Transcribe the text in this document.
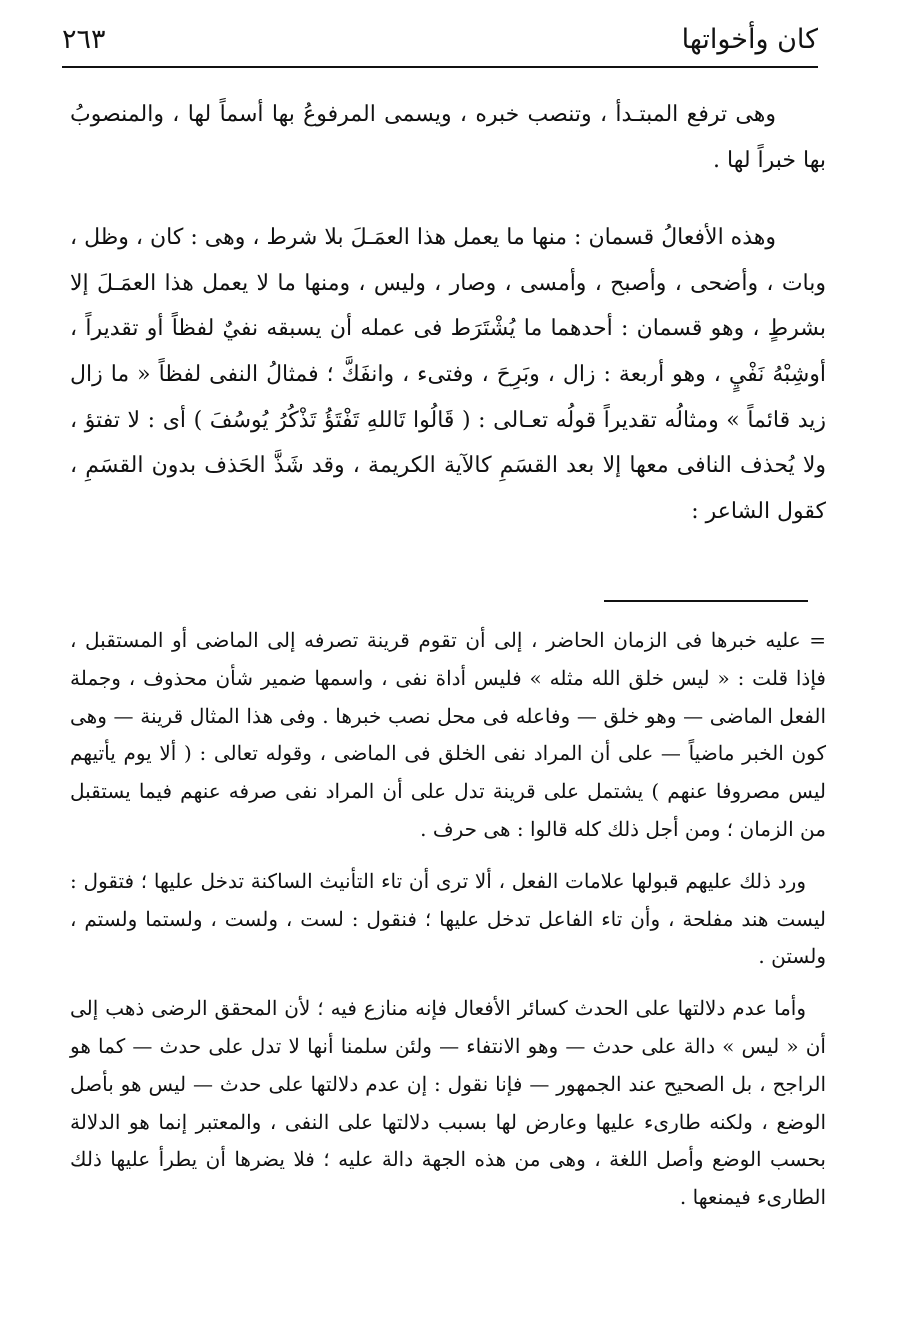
كان وأخواتها
٢٦٣

وهى ترفع المبتـدأ ، وتنصب خبره ، ويسمى المرفوعُ بها أسماً لها ، والمنصوبُ بها خبراً لها .

وهذه الأفعالُ قسمان : منها ما يعمل هذا العمَـلَ بلا شرط ، وهى : كان ، وظل ، وبات ، وأضحى ، وأصبح ، وأمسى ، وصار ، وليس ، ومنها ما لا يعمل هذا العمَـلَ إلا بشرطٍ ، وهو قسمان : أحدهما ما يُشْتَرَط فى عمله أن يسبقه نفيٌ لفظاً أو تقديراً ، أوشِبْهُ نَفْيٍ ، وهو أربعة : زال ، وبَرِحَ ، وفتىء ، وانفَكَّ ؛ فمثالُ النفى لفظاً « ما زال زيد قائماً » ومثالُه تقديراً قولُه تعـالى : ( قَالُوا تَاللهِ تَفْتَؤُ تَذْكُرُ يُوسُفَ ) أى : لا تفتؤ ، ولا يُحذف النافى معها إلا بعد القسَمِ كالآية الكريمة ، وقد شَذَّ الحَذف بدون القسَمِ ، كقول الشاعر :

= عليه خبرها فى الزمان الحاضر ، إلى أن تقوم قرينة تصرفه إلى الماضى أو المستقبل ، فإذا قلت : « ليس خلق الله مثله » فليس أداة نفى ، واسمها ضمير شأن محذوف ، وجملة الفعل الماضى — وهو خلق — وفاعله فى محل نصب خبرها . وفى هذا المثال قرينة — وهى كون الخبر ماضياً — على أن المراد نفى الخلق فى الماضى ، وقوله تعالى : ( ألا يوم يأتيهم ليس مصروفا عنهم ) يشتمل على قرينة تدل على أن المراد نفى صرفه عنهم فيما يستقبل من الزمان ؛ ومن أجل ذلك كله قالوا : هى حرف .

ورد ذلك عليهم قبولها علامات الفعل ، ألا ترى أن تاء التأنيث الساكنة تدخل عليها ؛ فتقول : ليست هند مفلحة ، وأن تاء الفاعل تدخل عليها ؛ فنقول : لست ، ولست ، ولستما ولستم ، ولستن .

وأما عدم دلالتها على الحدث كسائر الأفعال فإنه منازع فيه ؛ لأن المحقق الرضى ذهب إلى أن « ليس » دالة على حدث — وهو الانتفاء — ولئن سلمنا أنها لا تدل على حدث — كما هو الراجح ، بل الصحيح عند الجمهور — فإنا نقول : إن عدم دلالتها على حدث — ليس هو بأصل الوضع ، ولكنه طارىء عليها وعارض لها بسبب دلالتها على النفى ، والمعتبر إنما هو الدلالة بحسب الوضع وأصل اللغة ، وهى من هذه الجهة دالة عليه ؛ فلا يضرها أن يطرأ عليها ذلك الطارىء فيمنعها .
